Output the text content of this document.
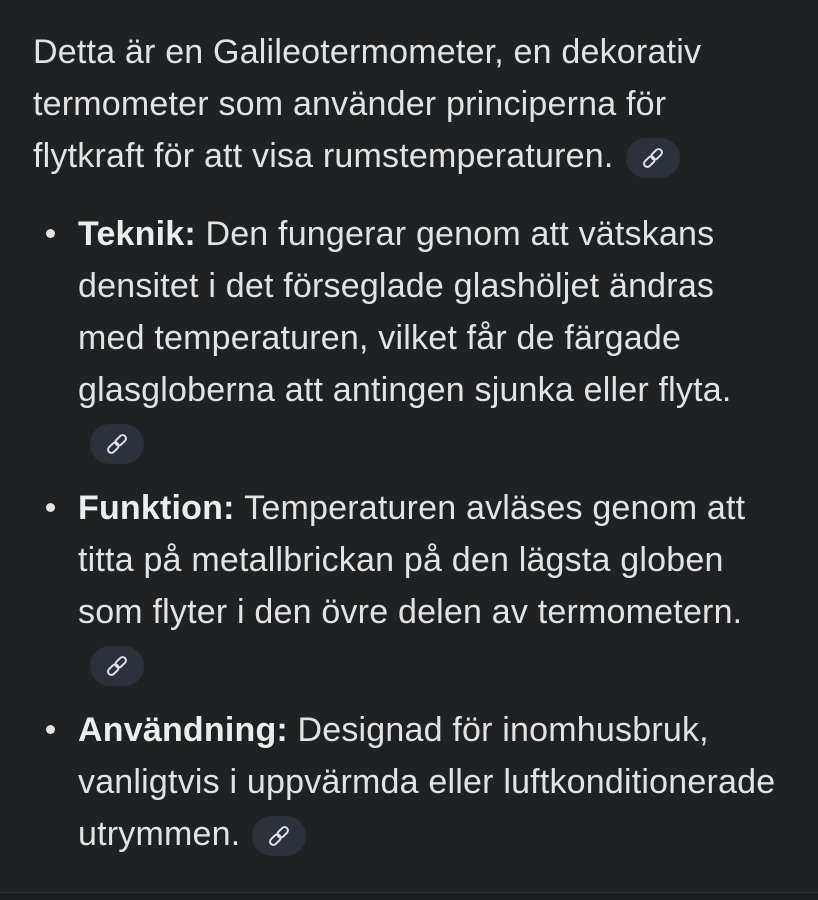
Detta är en Galileotermometer, en dekorativ termometer som använder principerna för flytkraft för att visa rumstemperaturen.

Teknik: Den fungerar genom att vätskans densitet i det förseglade glashöljet ändras med temperaturen, vilket får de färgade glasgloberna att antingen sjunka eller flyta.
Funktion: Temperaturen avläses genom att titta på metallbrickan på den lägsta globen som flyter i den övre delen av termometern.
Användning: Designad för inomhusbruk, vanligtvis i uppvärmda eller luftkonditionerade utrymmen.
